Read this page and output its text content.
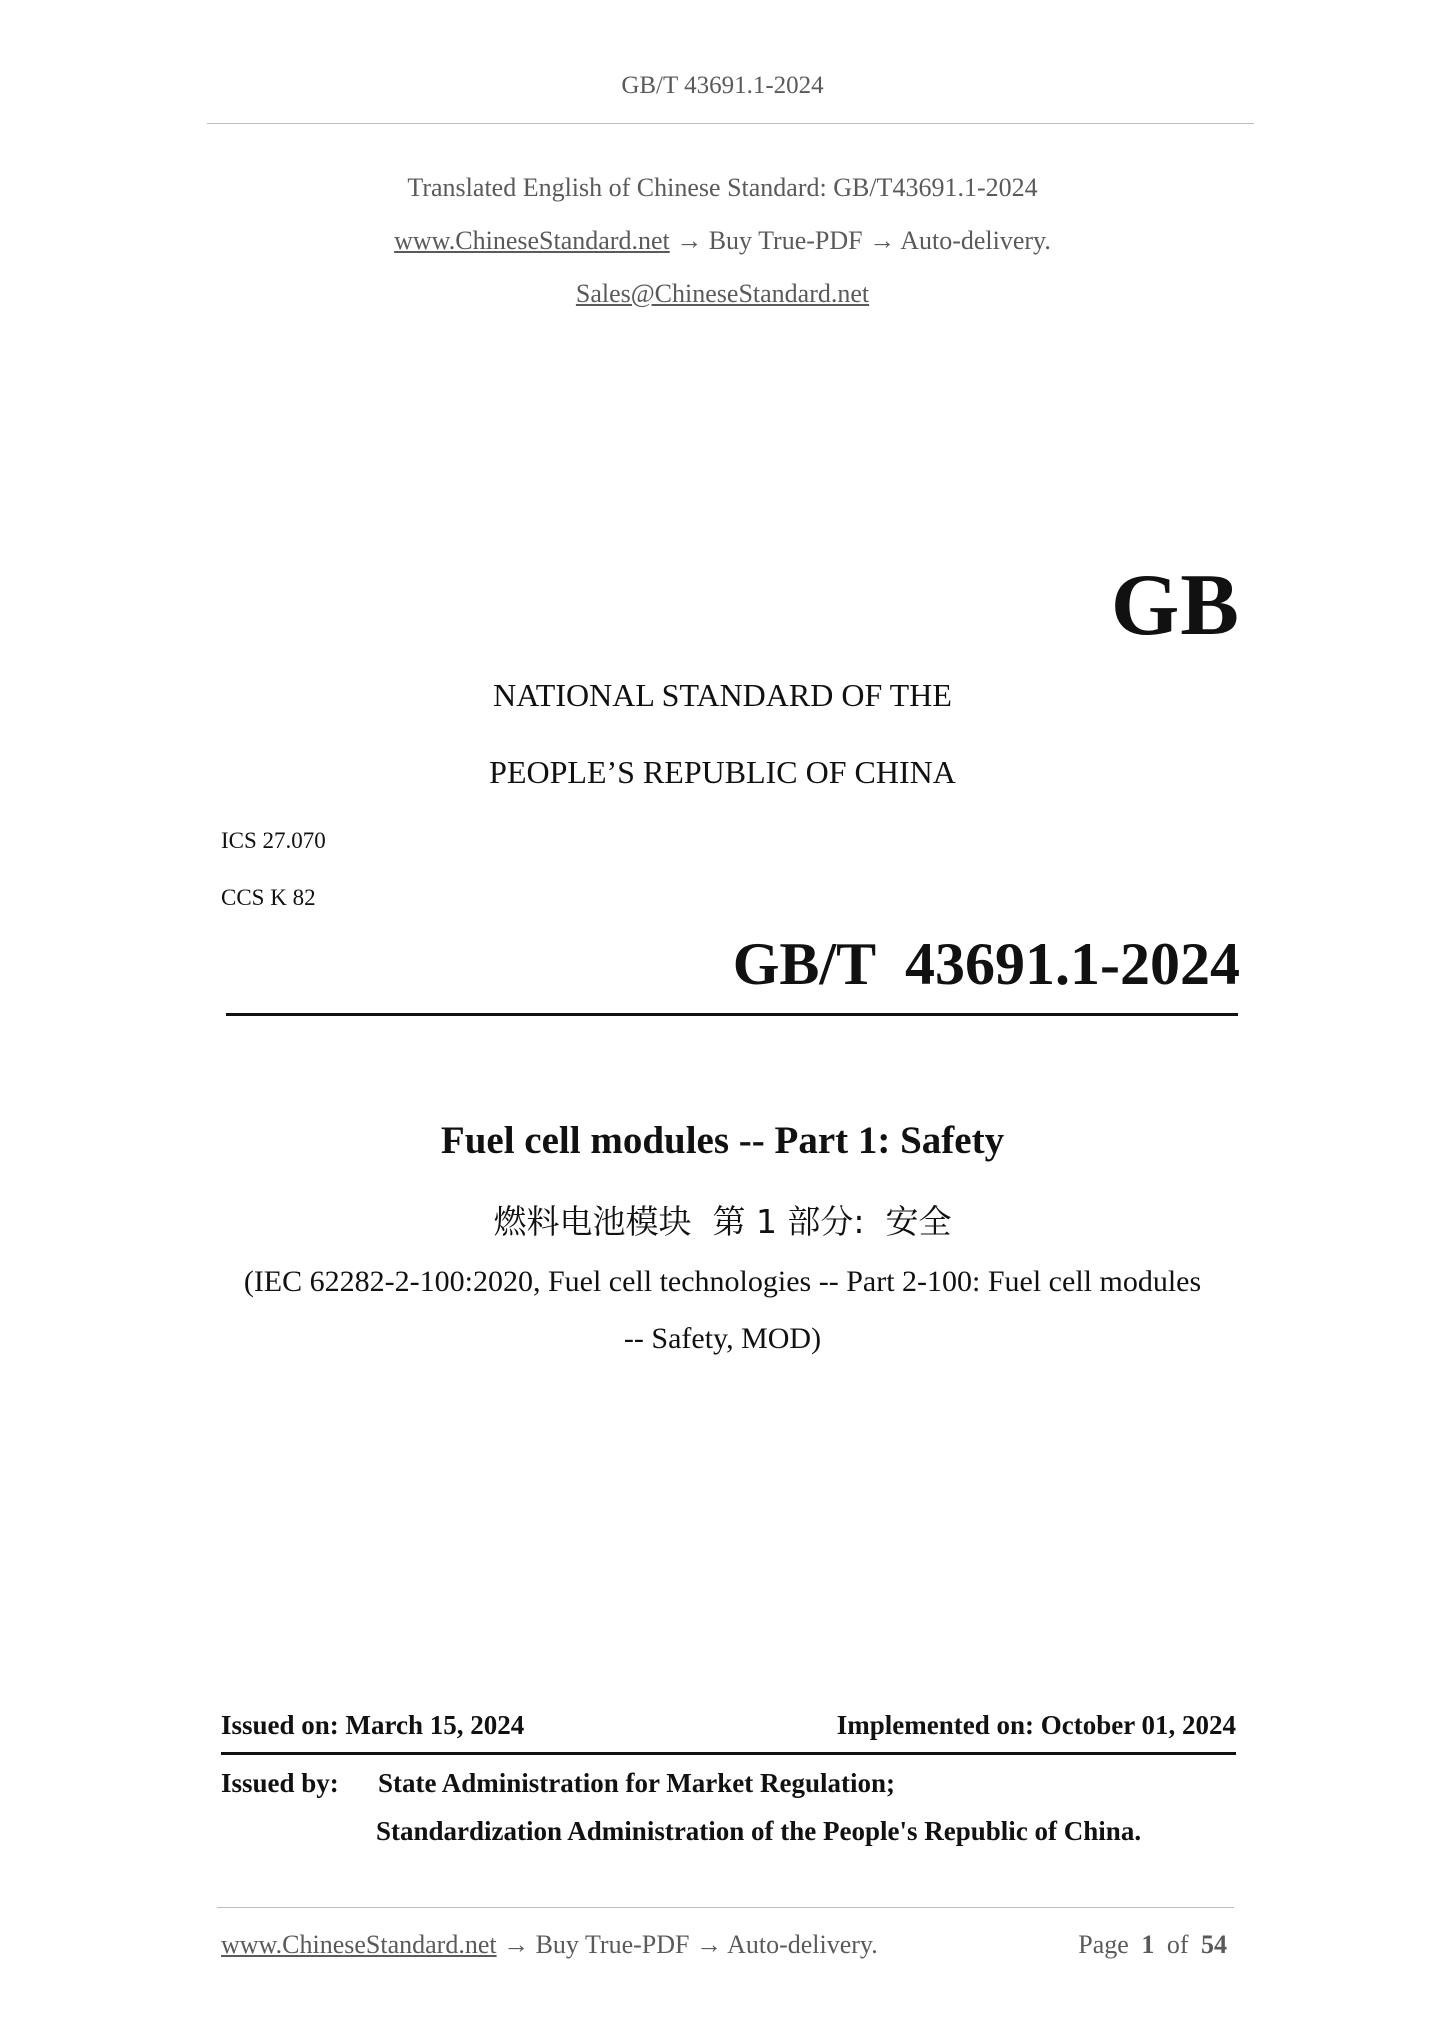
GB/T 43691.1-2024
Translated English of Chinese Standard: GB/T43691.1-2024
www.ChineseStandard.net → Buy True-PDF → Auto-delivery.
Sales@ChineseStandard.net
GB
NATIONAL STANDARD OF THE
PEOPLE’S REPUBLIC OF CHINA
ICS 27.070
CCS K 82
GB/T  43691.1-2024
Fuel cell modules -- Part 1: Safety
燃料电池模块  第 1 部分:  安全
(IEC 62282-2-100:2020, Fuel cell technologies -- Part 2-100: Fuel cell modules
-- Safety, MOD)
Issued on: March 15, 2024	Implemented on: October 01, 2024
Issued by: State Administration for Market Regulation;
Standardization Administration of the People's Republic of China.
www.ChineseStandard.net → Buy True-PDF → Auto-delivery.	Page 1 of 54
